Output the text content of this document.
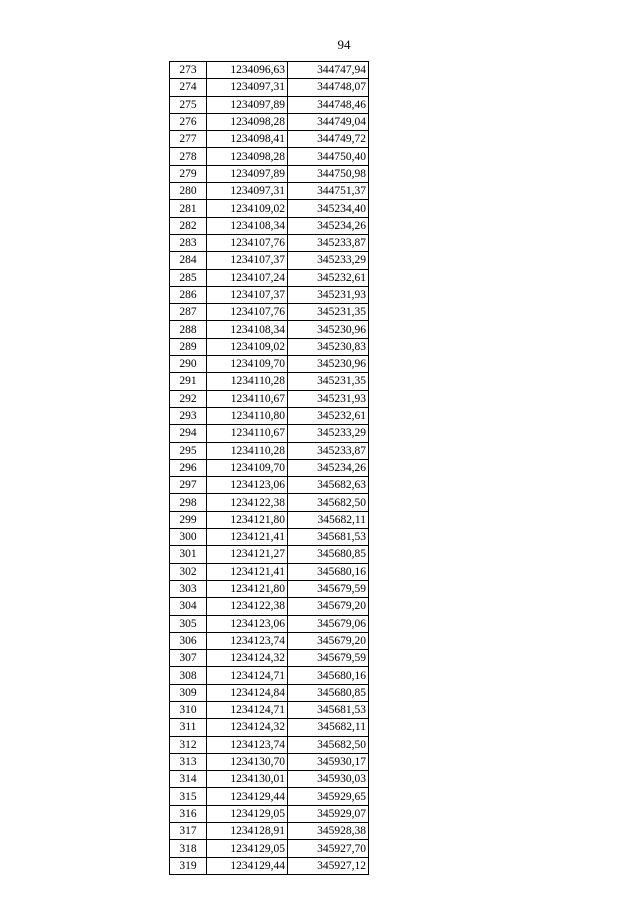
94
273	1234096,63	344747,94
274	1234097,31	344748,07
275	1234097,89	344748,46
276	1234098,28	344749,04
277	1234098,41	344749,72
278	1234098,28	344750,40
279	1234097,89	344750,98
280	1234097,31	344751,37
281	1234109,02	345234,40
282	1234108,34	345234,26
283	1234107,76	345233,87
284	1234107,37	345233,29
285	1234107,24	345232,61
286	1234107,37	345231,93
287	1234107,76	345231,35
288	1234108,34	345230,96
289	1234109,02	345230,83
290	1234109,70	345230,96
291	1234110,28	345231,35
292	1234110,67	345231,93
293	1234110,80	345232,61
294	1234110,67	345233,29
295	1234110,28	345233,87
296	1234109,70	345234,26
297	1234123,06	345682,63
298	1234122,38	345682,50
299	1234121,80	345682,11
300	1234121,41	345681,53
301	1234121,27	345680,85
302	1234121,41	345680,16
303	1234121,80	345679,59
304	1234122,38	345679,20
305	1234123,06	345679,06
306	1234123,74	345679,20
307	1234124,32	345679,59
308	1234124,71	345680,16
309	1234124,84	345680,85
310	1234124,71	345681,53
311	1234124,32	345682,11
312	1234123,74	345682,50
313	1234130,70	345930,17
314	1234130,01	345930,03
315	1234129,44	345929,65
316	1234129,05	345929,07
317	1234128,91	345928,38
318	1234129,05	345927,70
319	1234129,44	345927,12
